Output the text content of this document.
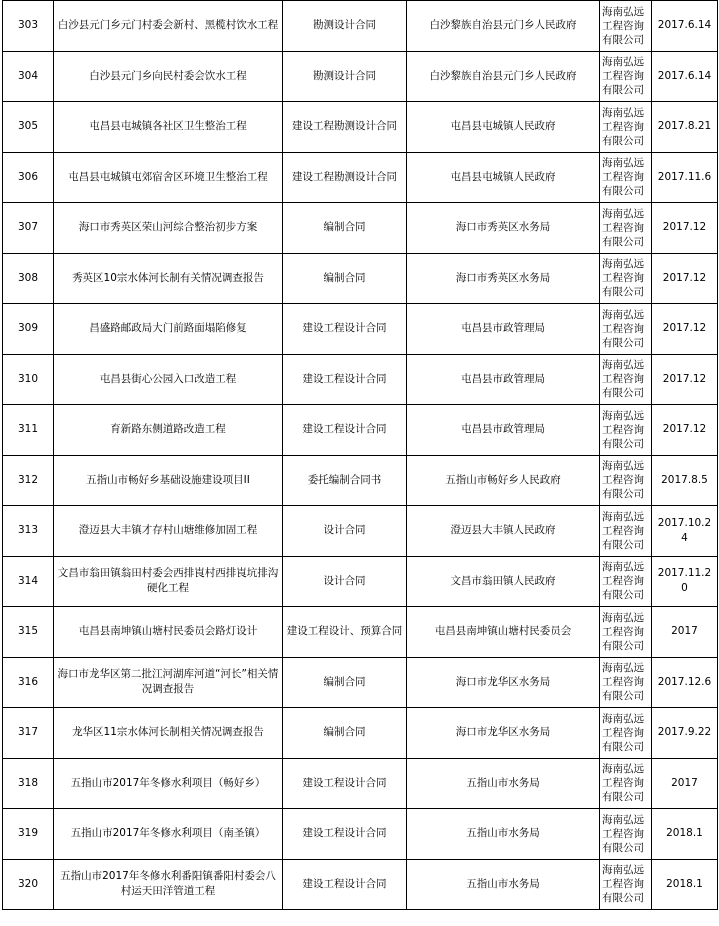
303	白沙县元门乡元门村委会新村、黑榄村饮水工程	勘测设计合同	白沙黎族自治县元门乡人民政府	海南弘远工程咨询有限公司	2017.6.14
304	白沙县元门乡向民村委会饮水工程	勘测设计合同	白沙黎族自治县元门乡人民政府	海南弘远工程咨询有限公司	2017.6.14
305	屯昌县屯城镇各社区卫生整治工程	建设工程勘测设计合同	屯昌县屯城镇人民政府	海南弘远工程咨询有限公司	2017.8.21
306	屯昌县屯城镇屯郊宿舍区环境卫生整治工程	建设工程勘测设计合同	屯昌县屯城镇人民政府	海南弘远工程咨询有限公司	2017.11.6
307	海口市秀英区荣山河综合整治初步方案	编制合同	海口市秀英区水务局	海南弘远工程咨询有限公司	2017.12
308	秀英区10宗水体河长制有关情况调查报告	编制合同	海口市秀英区水务局	海南弘远工程咨询有限公司	2017.12
309	昌盛路邮政局大门前路面塌陷修复	建设工程设计合同	屯昌县市政管理局	海南弘远工程咨询有限公司	2017.12
310	屯昌县街心公园入口改造工程	建设工程设计合同	屯昌县市政管理局	海南弘远工程咨询有限公司	2017.12
311	育新路东侧道路改造工程	建设工程设计合同	屯昌县市政管理局	海南弘远工程咨询有限公司	2017.12
312	五指山市畅好乡基础设施建设项目II	委托编制合同书	五指山市畅好乡人民政府	海南弘远工程咨询有限公司	2017.8.5
313	澄迈县大丰镇才存村山塘维修加固工程	设计合同	澄迈县大丰镇人民政府	海南弘远工程咨询有限公司	2017.10.24
314	文昌市翁田镇翁田村委会西排崀村西排崀坑排沟硬化工程	设计合同	文昌市翁田镇人民政府	海南弘远工程咨询有限公司	2017.11.20
315	屯昌县南坤镇山塘村民委员会路灯设计	建设工程设计、预算合同	屯昌县南坤镇山塘村民委员会	海南弘远工程咨询有限公司	2017
316	海口市龙华区第二批江河湖库河道“河长”相关情况调查报告	编制合同	海口市龙华区水务局	海南弘远工程咨询有限公司	2017.12.6
317	龙华区11宗水体河长制相关情况调查报告	编制合同	海口市龙华区水务局	海南弘远工程咨询有限公司	2017.9.22
318	五指山市2017年冬修水利项目（畅好乡）	建设工程设计合同	五指山市水务局	海南弘远工程咨询有限公司	2017
319	五指山市2017年冬修水利项目（南圣镇）	建设工程设计合同	五指山市水务局	海南弘远工程咨询有限公司	2018.1
320	五指山市2017年冬修水利番阳镇番阳村委会八村运天田洋管道工程	建设工程设计合同	五指山市水务局	海南弘远工程咨询有限公司	2018.1
